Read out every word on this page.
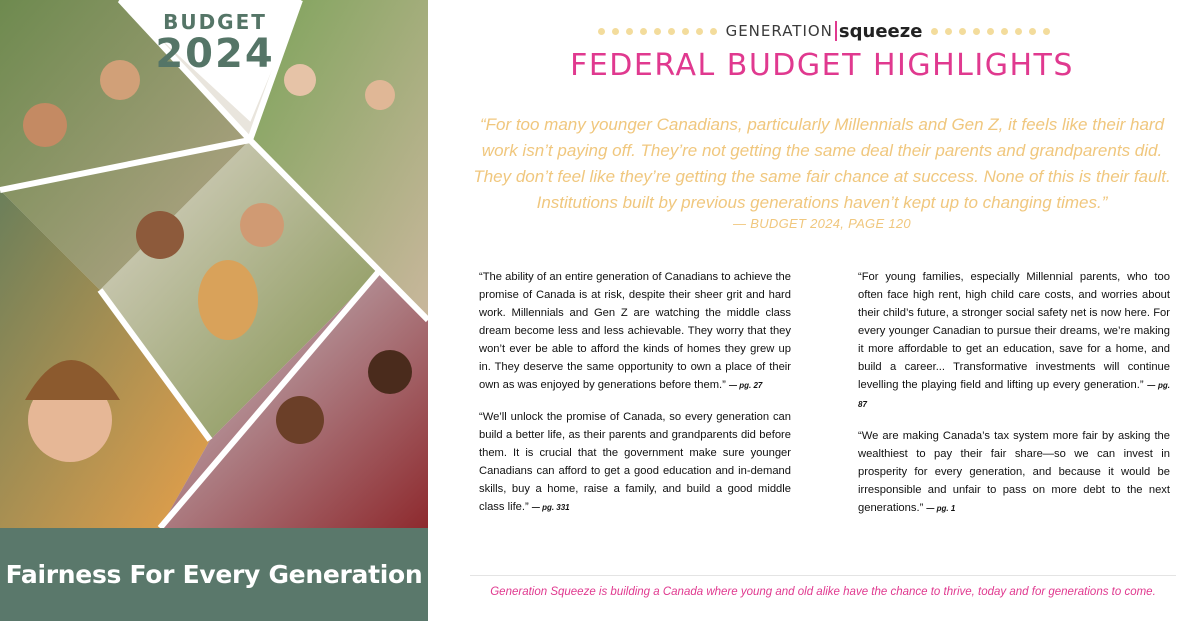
BUDGET
2024
Fairness For Every Generation
GENERATION squeeze
FEDERAL BUDGET HIGHLIGHTS
“For too many younger Canadians, particularly Millennials and Gen Z, it feels like their hard work isn’t paying off. They’re not getting the same deal their parents and grandparents did. They don’t feel like they’re getting the same fair chance at success. None of this is their fault. Institutions built by previous generations haven’t kept up to changing times.”
— BUDGET 2024, PAGE 120

“The ability of an entire generation of Canadians to achieve the promise of Canada is at risk, despite their sheer grit and hard work. Millennials and Gen Z are watching the middle class dream become less and less achievable. They worry that they won’t ever be able to afford the kinds of homes they grew up in. They deserve the same opportunity to own a place of their own as was enjoyed by generations before them.” — pg. 27

“We’ll unlock the promise of Canada, so every generation can build a better life, as their parents and grandparents did before them. It is crucial that the government make sure younger Canadians can afford to get a good education and in-demand skills, buy a home, raise a family, and build a good middle class life.” — pg. 331

“For young families, especially Millennial parents, who too often face high rent, high child care costs, and worries about their child’s future, a stronger social safety net is now here. For every younger Canadian to pursue their dreams, we’re making it more affordable to get an education, save for a home, and build a career... Transformative investments will continue levelling the playing field and lifting up every generation.” — pg. 87

“We are making Canada’s tax system more fair by asking the wealthiest to pay their fair share—so we can invest in prosperity for every generation, and because it would be irresponsible and unfair to pass on more debt to the next generations.” — pg. 1

Generation Squeeze is building a Canada where young and old alike have the chance to thrive, today and for generations to come.
